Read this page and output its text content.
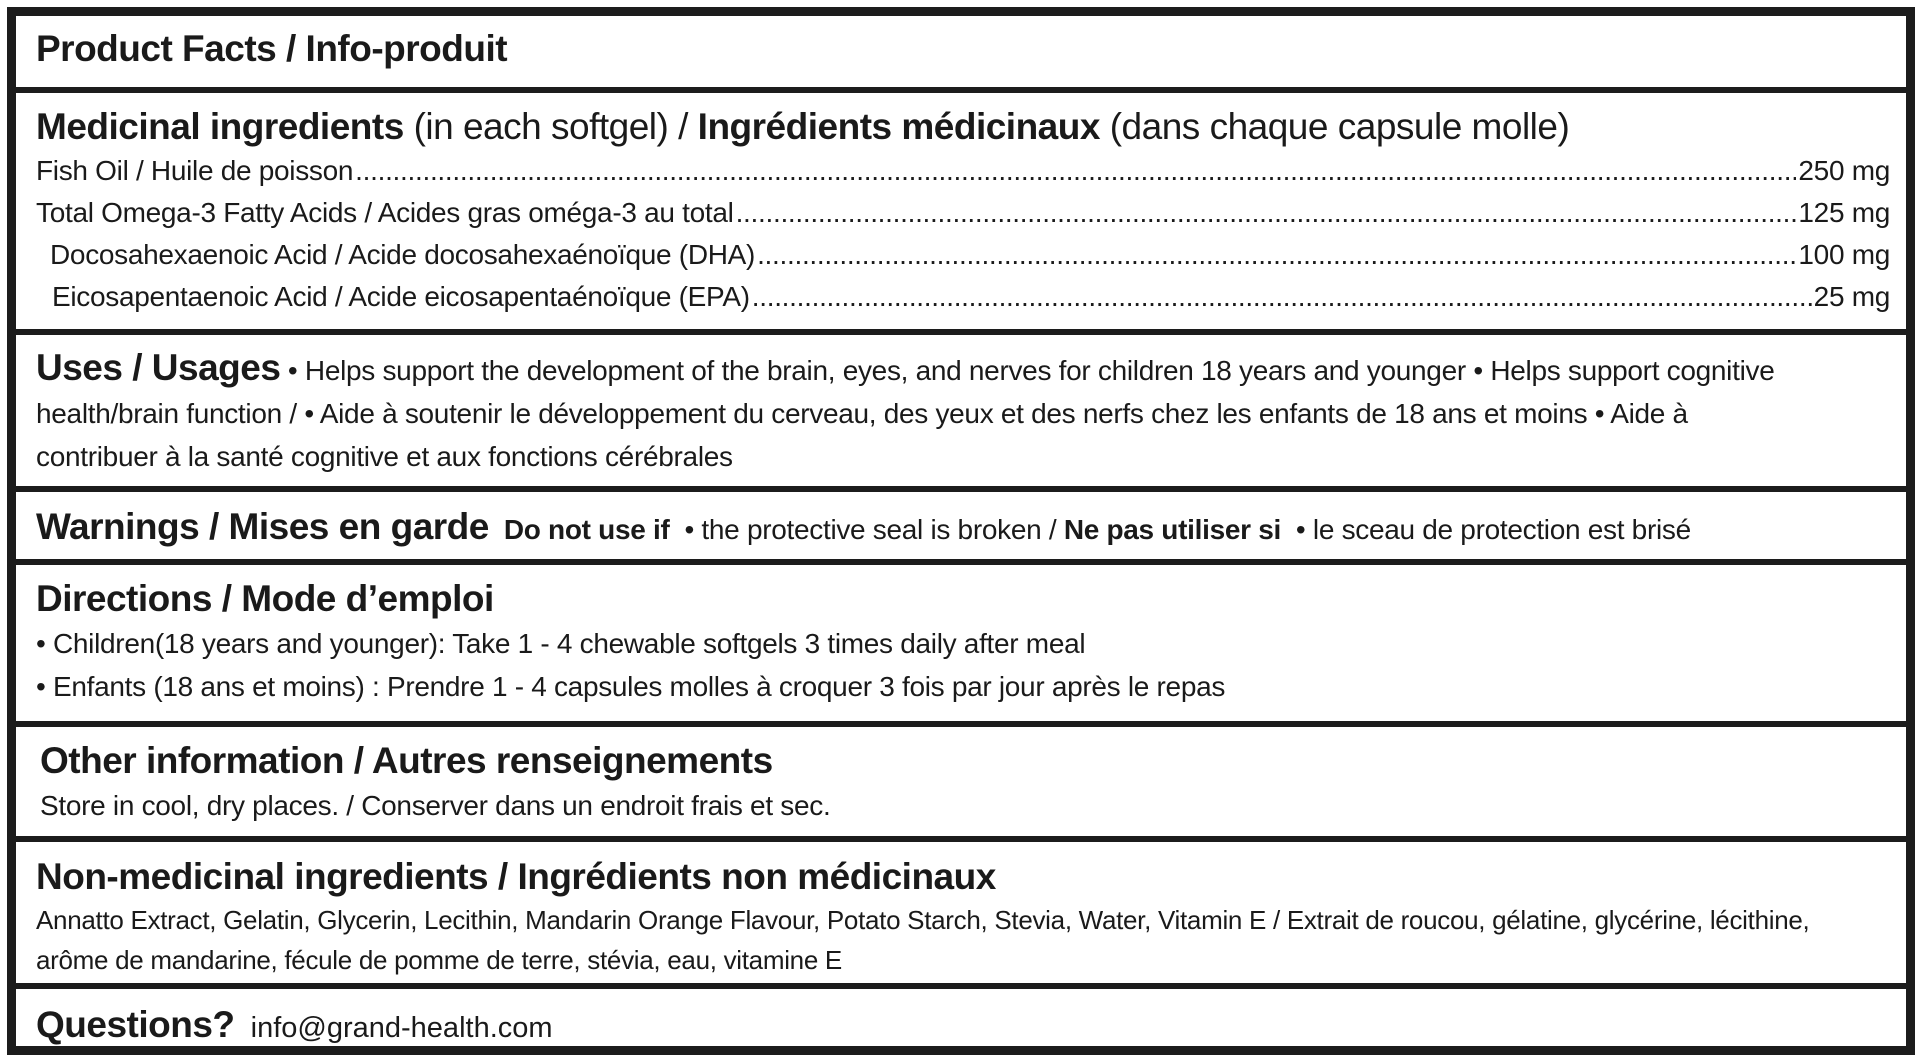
Product Facts / Info-produit
Medicinal ingredients (in each softgel) / Ingrédients médicinaux (dans chaque capsule molle)
Fish Oil / Huile de poisson .....	250 mg
Total Omega-3 Fatty Acids / Acides gras oméga-3 au total .....	125 mg
Docosahexaenoic Acid / Acide docosahexaénoïque (DHA) .....	100 mg
Eicosapentaenoic Acid / Acide eicosapentaénoïque (EPA) .....	25 mg
Uses / Usages • Helps support the development of the brain, eyes, and nerves for children 18 years and younger • Helps support cognitive
health/brain function / • Aide à soutenir le développement du cerveau, des yeux et des nerfs chez les enfants de 18 ans et moins • Aide à
contribuer à la santé cognitive et aux fonctions cérébrales
Warnings / Mises en garde Do not use if • the protective seal is broken / Ne pas utiliser si • le sceau de protection est brisé
Directions / Mode d’emploi
• Children(18 years and younger): Take 1 - 4 chewable softgels 3 times daily after meal
• Enfants (18 ans et moins) : Prendre 1 - 4 capsules molles à croquer 3 fois par jour après le repas
Other information / Autres renseignements
Store in cool, dry places. / Conserver dans un endroit frais et sec.
Non-medicinal ingredients / Ingrédients non médicinaux
Annatto Extract, Gelatin, Glycerin, Lecithin, Mandarin Orange Flavour, Potato Starch, Stevia, Water, Vitamin E / Extrait de roucou, gélatine, glycérine, lécithine,
arôme de mandarine, fécule de pomme de terre, stévia, eau, vitamine E
Questions? info@grand-health.com
